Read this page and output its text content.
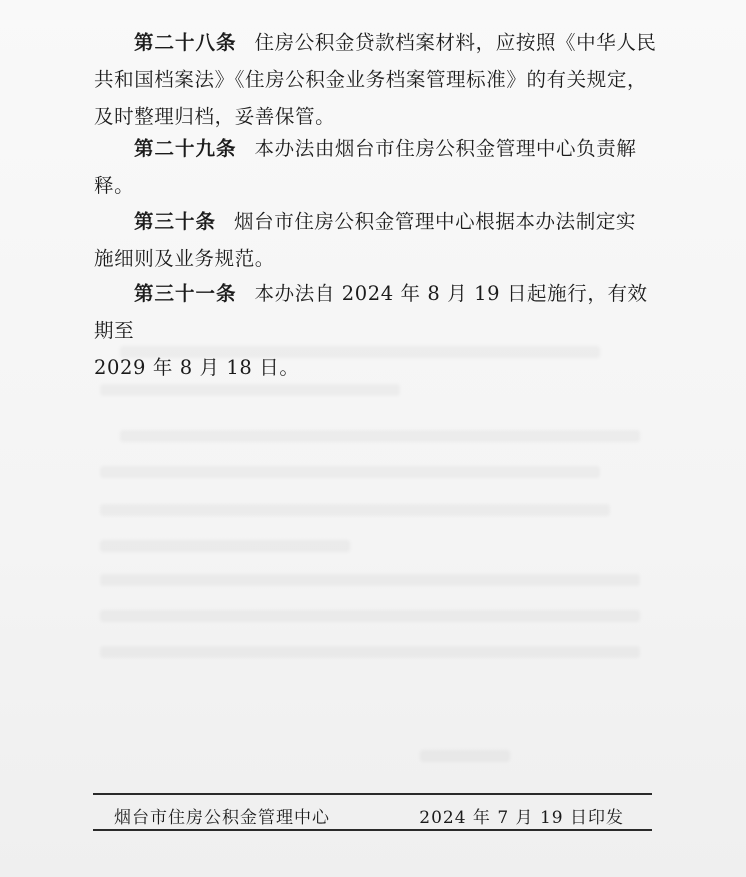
第二十八条 住房公积金贷款档案材料，应按照《中华人民
共和国档案法》《住房公积金业务档案管理标准》的有关规定，
及时整理归档，妥善保管。
第二十九条 本办法由烟台市住房公积金管理中心负责解
释。
第三十条 烟台市住房公积金管理中心根据本办法制定实
施细则及业务规范。
第三十一条 本办法自 2024 年 8 月 19 日起施行，有效期至
2029 年 8 月 18 日。
烟台市住房公积金管理中心	2024 年 7 月 19 日印发
